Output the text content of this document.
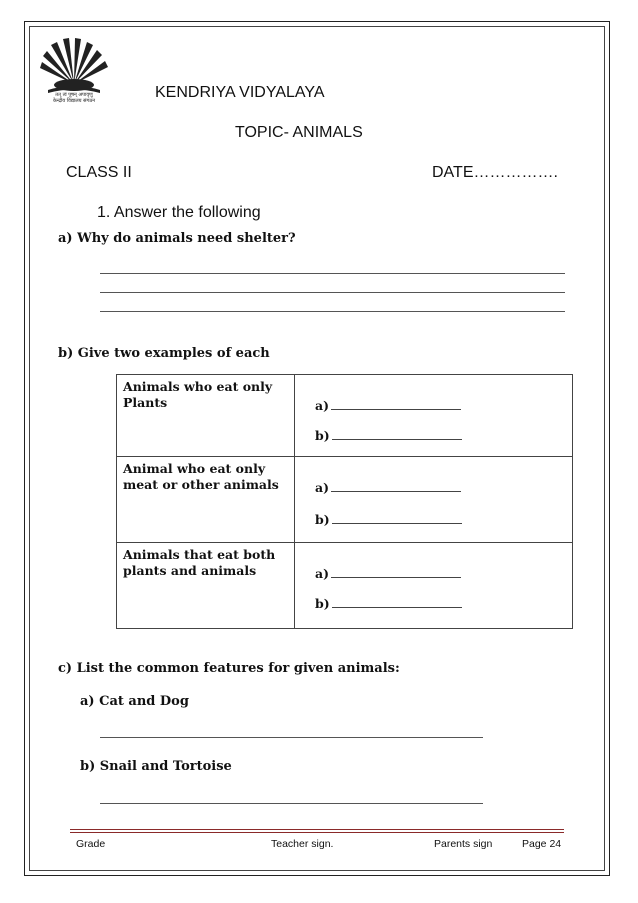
तत् त्वं पूषन् अपावृणु
केन्द्रीय विद्यालय संगठन	KENDRIYA VIDYALAYA
TOPIC- ANIMALS
CLASS II	DATE…………….
1. Answer the following
a) Why do animals need shelter?
b) Give two examples of each
Animals who eat only Plants	a)
b)

Animal who eat only meat or other animals	a)
b)

Animals that eat both plants and animals	a)
b)
c) List the common features for given animals:
a) Cat and Dog
b) Snail and Tortoise
Grade	Teacher sign.	Parents sign	Page 24
